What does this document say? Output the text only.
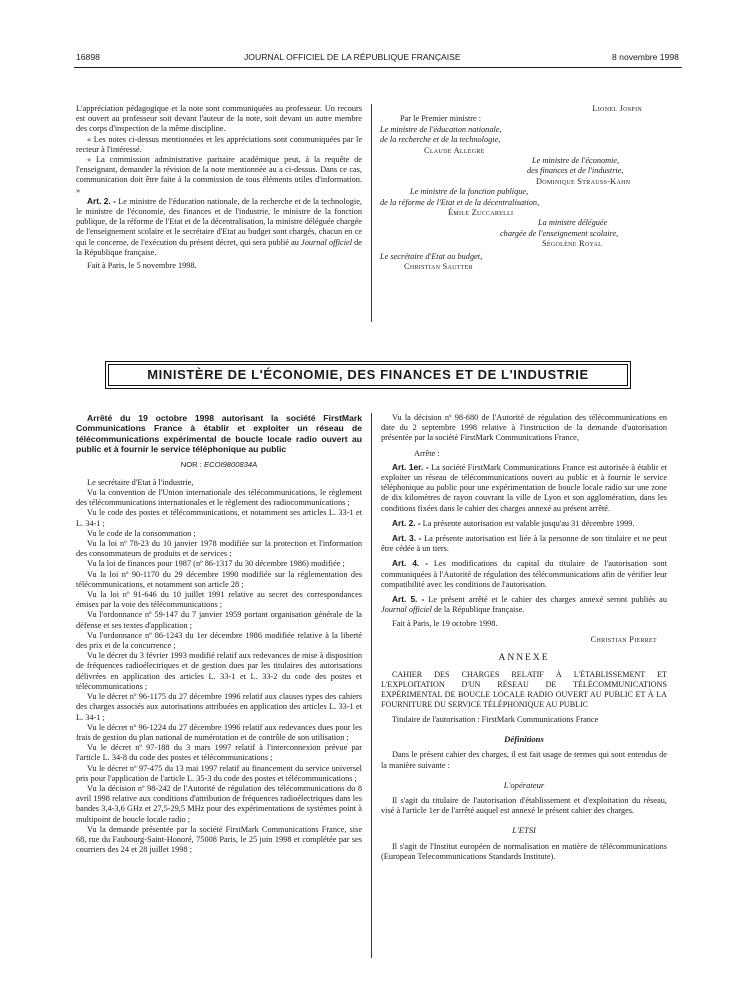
16898	JOURNAL OFFICIEL DE LA RÉPUBLIQUE FRANÇAISE	8 novembre 1998

L'appréciation pédagogique et la note sont communiquées au professeur. Un recours est ouvert au professeur soit devant l'auteur de la note, soit devant un autre membre des corps d'inspection de la même discipline.

« Les notes ci-dessus mentionnées et les appréciations sont communiquées par le recteur à l'intéressé.

« La commission administrative paritaire académique peut, à la requête de l'enseignant, demander la révision de la note mentionnée au a ci-dessus. Dans ce cas, communication doit être faite à la commission de tous éléments utiles d'information. »

Art. 2. - Le ministre de l'éducation nationale, de la recherche et de la technologie, le ministre de l'économie, des finances et de l'industrie, le ministre de la fonction publique, de la réforme de l'Etat et de la décentralisation, la ministre déléguée chargée de l'enseignement scolaire et le secrétaire d'Etat au budget sont chargés, chacun en ce qui le concerne, de l'exécution du présent décret, qui sera publié au Journal officiel de la République française.

Fait à Paris, le 5 novembre 1998.

Lionel Jospin

Par le Premier ministre :

Le ministre de l'éducation nationale,

de la recherche et de la technologie,

Claude Allègre

Le ministre de l'économie,

des finances et de l'industrie,

Dominique Strauss-Kahn

Le ministre de la fonction publique,

de la réforme de l'Etat et de la décentralisation,

Émile Zuccarelli

La ministre déléguée

chargée de l'enseignement scolaire,

Ségolène Royal

Le secrétaire d'Etat au budget,

Christian Sautter

MINISTÈRE DE L'ÉCONOMIE, DES FINANCES ET DE L'INDUSTRIE

Arrêté du 19 octobre 1998 autorisant la société FirstMark Communications France à établir et exploiter un réseau de télécommunications expérimental de boucle locale radio ouvert au public et à fournir le service téléphonique au public

NOR : ECOI9800834A

Le secrétaire d'Etat à l'industrie,

Vu la convention de l'Union internationale des télécommunications, le règlement des télécommunications internationales et le règlement des radiocommunications ;

Vu le code des postes et télécommunications, et notamment ses articles L. 33-1 et L. 34-1 ;

Vu le code de la consommation ;

Vu la loi nº 78-23 du 10 janvier 1978 modifiée sur la protection et l'information des consommateurs de produits et de services ;

Vu la loi de finances pour 1987 (nº 86-1317 du 30 décembre 1986) modifiée ;

Vu la loi nº 90-1170 du 29 décembre 1990 modifiée sur la réglementation des télécommunications, et notamment son article 28 ;

Vu la loi nº 91-646 du 10 juillet 1991 relative au secret des correspondances émises par la voie des télécommunications ;

Vu l'ordonnance nº 59-147 du 7 janvier 1959 portant organisation générale de la défense et ses textes d'application ;

Vu l'ordonnance nº 86-1243 du 1er décembre 1986 modifiée relative à la liberté des prix et de la concurrence ;

Vu le décret du 3 février 1993 modifié relatif aux redevances de mise à disposition de fréquences radioélectriques et de gestion dues par les titulaires des autorisations délivrées en application des articles L. 33-1 et L. 33-2 du code des postes et télécommunications ;

Vu le décret nº 96-1175 du 27 décembre 1996 relatif aux clauses types des cahiers des charges associés aux autorisations attribuées en application des articles L. 33-1 et L. 34-1 ;

Vu le décret nº 96-1224 du 27 décembre 1996 relatif aux redevances dues pour les frais de gestion du plan national de numérotation et de contrôle de son utilisation ;

Vu le décret nº 97-188 du 3 mars 1997 relatif à l'interconnexion prévue par l'article L. 34-8 du code des postes et télécommunications ;

Vu le décret nº 97-475 du 13 mai 1997 relatif au financement du service universel pris pour l'application de l'article L. 35-3 du code des postes et télécommunications ;

Vu la décision nº 98-242 de l'Autorité de régulation des télécommunications du 8 avril 1998 relative aux conditions d'attribution de fréquences radioélectriques dans les bandes 3,4-3,6 GHz et 27,5-29,5 MHz pour des expérimentations de systèmes point à multipoint de boucle locale radio ;

Vu la demande présentée par la société FirstMark Communications France, sise 68, rue du Faubourg-Saint-Honoré, 75008 Paris, le 25 juin 1998 et complétée par ses courriers des 24 et 28 juillet 1998 ;

Vu la décision nº 98-680 de l'Autorité de régulation des télécommunications en date du 2 septembre 1998 relative à l'instruction de la demande d'autorisation présentée par la société FirstMark Communications France,

Arrête :

Art. 1er. - La société FirstMark Communications France est autorisée à établir et exploiter un réseau de télécommunications ouvert au public et à fournir le service téléphonique au public pour une expérimentation de boucle locale radio sur une zone de dix kilomètres de rayon couvrant la ville de Lyon et son agglomération, dans les conditions fixées dans le cahier des charges annexé au présent arrêté.

Art. 2. - La présente autorisation est valable jusqu'au 31 décembre 1999.

Art. 3. - La présente autorisation est liée à la personne de son titulaire et ne peut être cédée à un tiers.

Art. 4. - Les modifications du capital du titulaire de l'autorisation sont communiquées à l'Autorité de régulation des télécommunications afin de vérifier leur compatibilité avec les conditions de l'autorisation.

Art. 5. - Le présent arrêté et le cahier des charges annexé seront publiés au Journal officiel de la République française.

Fait à Paris, le 19 octobre 1998.

Christian Pierret

ANNEXE

CAHIER DES CHARGES RELATIF À L'ÉTABLISSEMENT ET L'EXPLOITATION D'UN RÉSEAU DE TÉLÉCOMMUNICATIONS EXPÉRIMENTAL DE BOUCLE LOCALE RADIO OUVERT AU PUBLIC ET À LA FOURNITURE DU SERVICE TÉLÉPHONIQUE AU PUBLIC

Titulaire de l'autorisation : FirstMark Communications France

Définitions

Dans le présent cahier des charges, il est fait usage de termes qui sont entendus de la manière suivante :

L'opérateur

Il s'agit du titulaire de l'autorisation d'établissement et d'exploitation du réseau, visé à l'article 1er de l'arrêté auquel est annexé le présent cahier des charges.

L'ETSI

Il s'agit de l'Institut européen de normalisation en matière de télécommunications (European Telecommunications Standards Institute).
